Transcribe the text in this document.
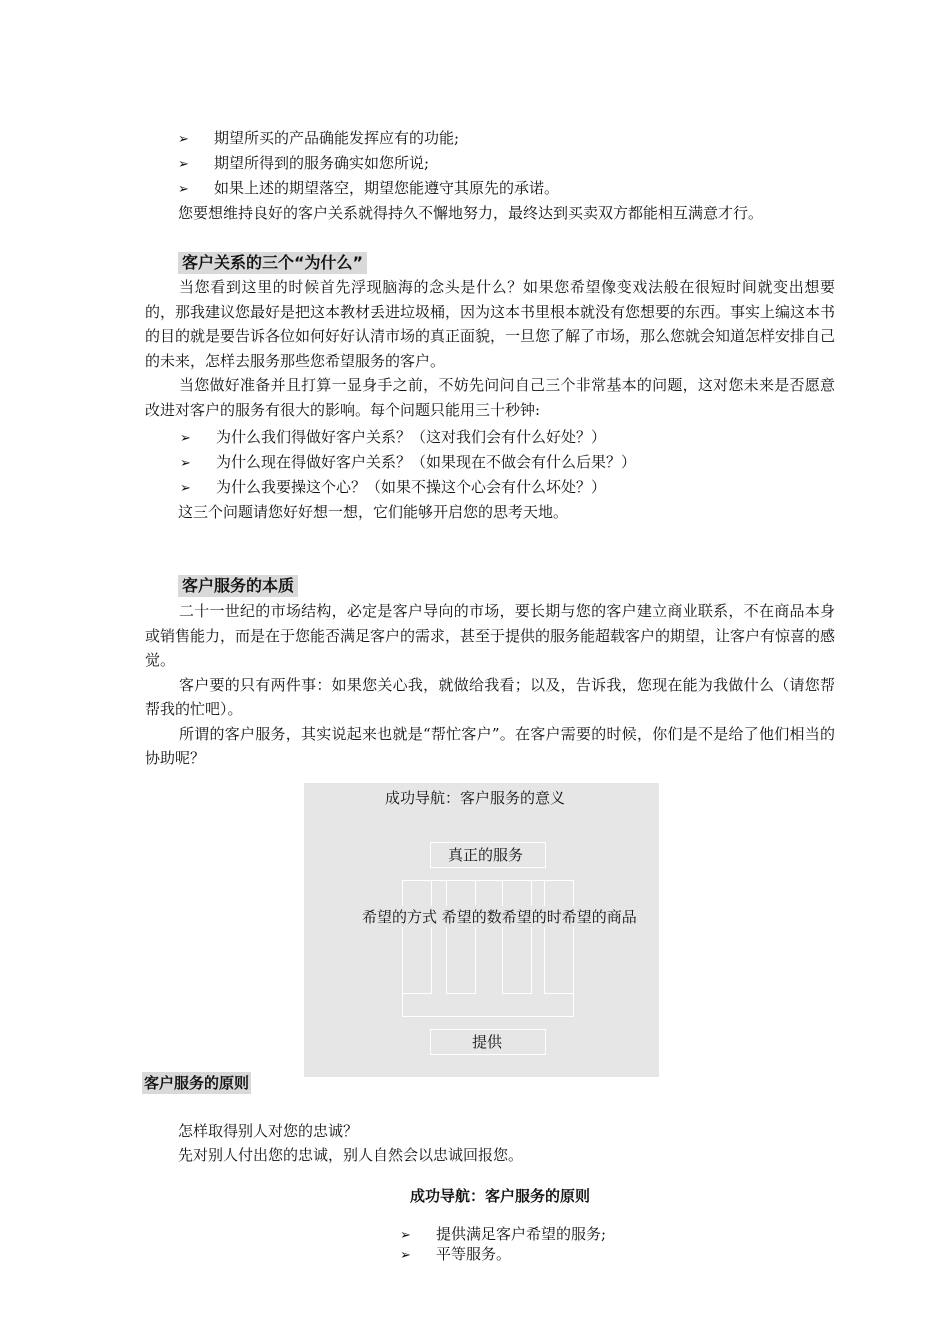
➢ 期望所买的产品确能发挥应有的功能;
➢ 期望所得到的服务确实如您所说;
➢ 如果上述的期望落空，期望您能遵守其原先的承诺。
您要想维持良好的客户关系就得持久不懈地努力，最终达到买卖双方都能相互满意才行。
客户关系的三个“为什么”

当您看到这里的时候首先浮现脑海的念头是什么？如果您希望像变戏法般在很短时间就变出想要的，那我建议您最好是把这本教材丢进垃圾桶，因为这本书里根本就没有您想要的东西。事实上编这本书的目的就是要告诉各位如何好好认清市场的真正面貌，一旦您了解了市场，那么您就会知道怎样安排自己的未来，怎样去服务那些您希望服务的客户。

当您做好准备并且打算一显身手之前，不妨先问问自己三个非常基本的问题，这对您未来是否愿意改进对客户的服务有很大的影响。每个问题只能用三十秒钟:

➢ 为什么我们得做好客户关系？（这对我们会有什么好处？）
➢ 为什么现在得做好客户关系？（如果现在不做会有什么后果？）
➢ 为什么我要操这个心？（如果不操这个心会有什么坏处？）
这三个问题请您好好想一想，它们能够开启您的思考天地。
客户服务的本质

二十一世纪的市场结构，必定是客户导向的市场，要长期与您的客户建立商业联系，不在商品本身或销售能力，而是在于您能否满足客户的需求，甚至于提供的服务能超载客户的期望，让客户有惊喜的感觉。

客户要的只有两件事：如果您关心我，就做给我看；以及，告诉我，您现在能为我做什么（请您帮帮我的忙吧）。

所谓的客户服务，其实说起来也就是“帮忙客户”。在客户需要的时候，你们是不是给了他们相当的协助呢？

成功导航：客户服务的意义
真正的服务
希望的方式 希望的数希望的时希望的商品
提供
客户服务的原则
怎样取得别人对您的忠诚？
先对别人付出您的忠诚，别人自然会以忠诚回报您。
成功导航：客户服务的原则
➢ 提供满足客户希望的服务;
➢ 平等服务。
